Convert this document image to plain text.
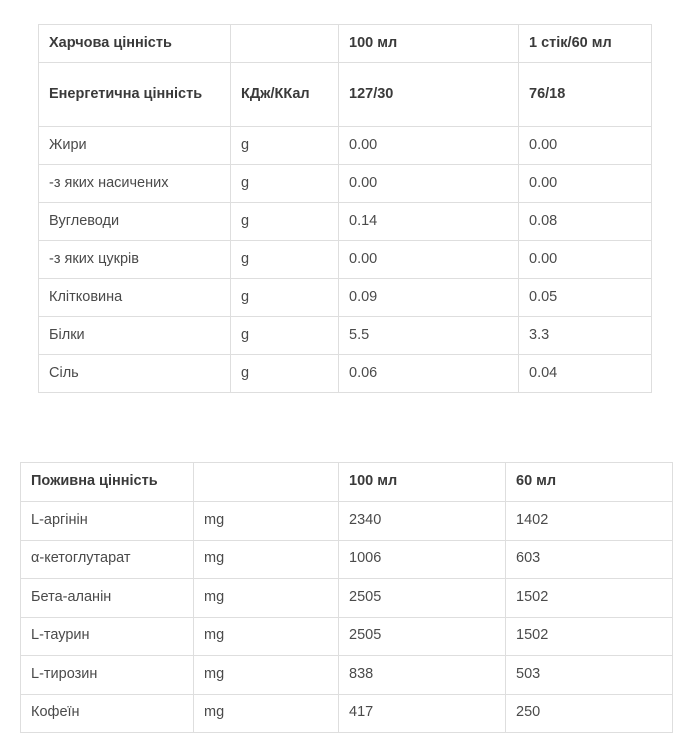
Харчова цінність		100 мл	1 стік/60 мл
Енергетична цінність	КДж/ККал	127/30	76/18
Жири	g	0.00	0.00
-з яких насичених	g	0.00	0.00
Вуглеводи	g	0.14	0.08
-з яких цукрів	g	0.00	0.00
Клітковина	g	0.09	0.05
Білки	g	5.5	3.3
Сіль	g	0.06	0.04
Поживна цінність		100 мл	60 мл
L-аргінін	mg	2340	1402
α-кетоглутарат	mg	1006	603
Бета-аланін	mg	2505	1502
L-таурин	mg	2505	1502
L-тирозин	mg	838	503
Кофеїн	mg	417	250
